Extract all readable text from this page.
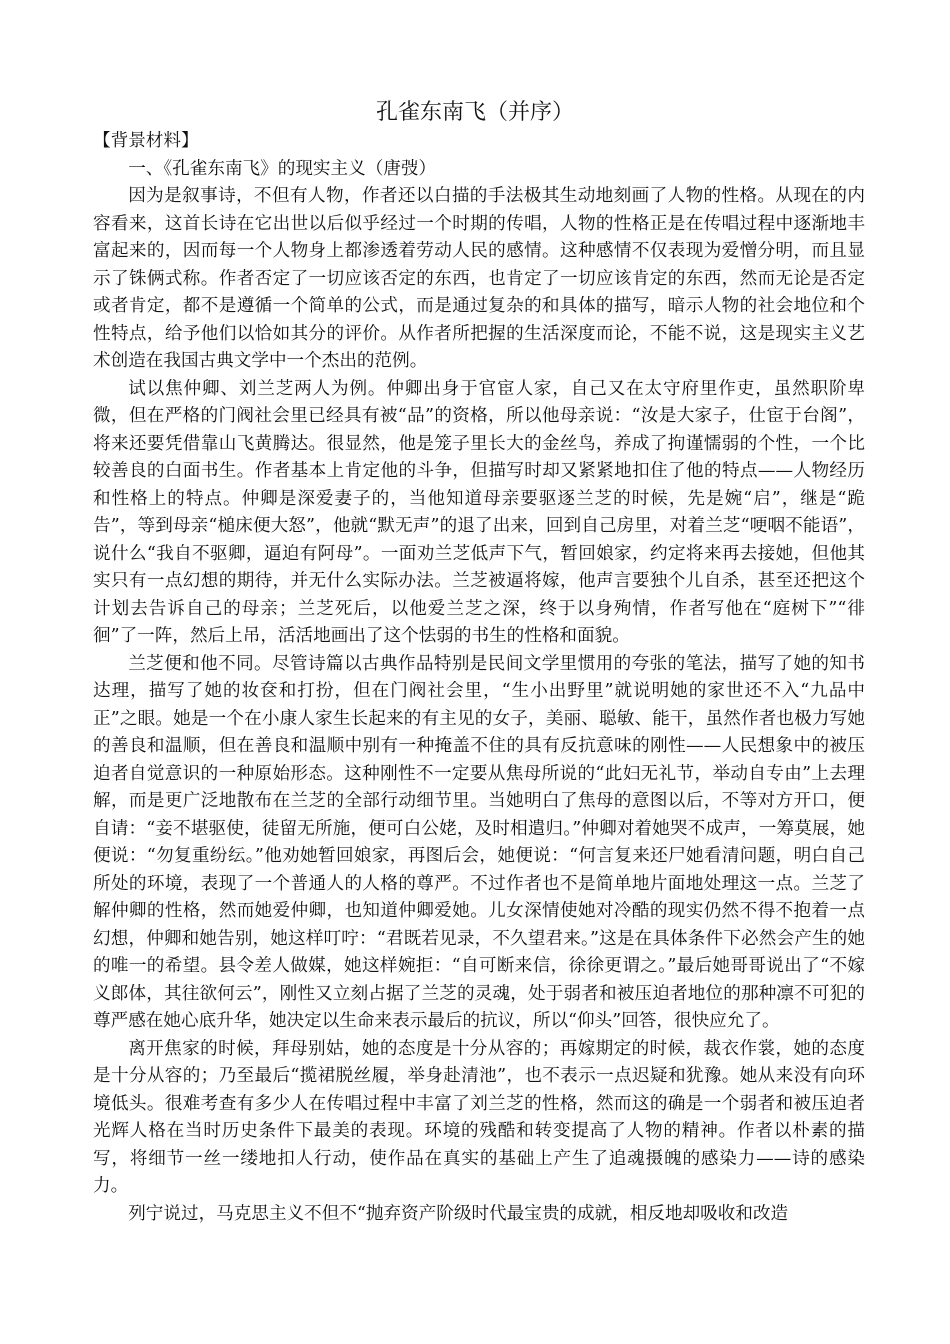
孔雀东南飞（并序）

【背景材料】

一、《孔雀东南飞》的现实主义（唐弢）

因为是叙事诗，不但有人物，作者还以白描的手法极其生动地刻画了人物的性格。从现在的内容看来，这首长诗在它出世以后似乎经过一个时期的传唱，人物的性格正是在传唱过程中逐渐地丰富起来的，因而每一个人物身上都渗透着劳动人民的感情。这种感情不仅表现为爱憎分明，而且显示了铢俩式称。作者否定了一切应该否定的东西，也肯定了一切应该肯定的东西，然而无论是否定或者肯定，都不是遵循一个简单的公式，而是通过复杂的和具体的描写，暗示人物的社会地位和个性特点，给予他们以恰如其分的评价。从作者所把握的生活深度而论，不能不说，这是现实主义艺术创造在我国古典文学中一个杰出的范例。

试以焦仲卿、刘兰芝两人为例。仲卿出身于官宦人家，自己又在太守府里作吏，虽然职阶卑微，但在严格的门阀社会里已经具有被“品”的资格，所以他母亲说：“汝是大家子，仕宦于台阁”，将来还要凭借靠山飞黄腾达。很显然，他是笼子里长大的金丝鸟，养成了拘谨懦弱的个性，一个比较善良的白面书生。作者基本上肯定他的斗争，但描写时却又紧紧地扣住了他的特点——人物经历和性格上的特点。仲卿是深爱妻子的，当他知道母亲要驱逐兰芝的时候，先是婉“启”，继是“跪告”，等到母亲“槌床便大怒”，他就“默无声”的退了出来，回到自己房里，对着兰芝“哽咽不能语”，说什么“我自不驱卿，逼迫有阿母”。一面劝兰芝低声下气，暂回娘家，约定将来再去接她，但他其实只有一点幻想的期待，并无什么实际办法。兰芝被逼将嫁，他声言要独个儿自杀，甚至还把这个计划去告诉自己的母亲；兰芝死后，以他爱兰芝之深，终于以身殉情，作者写他在“庭树下”“徘徊”了一阵，然后上吊，活活地画出了这个怯弱的书生的性格和面貌。

兰芝便和他不同。尽管诗篇以古典作品特别是民间文学里惯用的夸张的笔法，描写了她的知书达理，描写了她的妆奁和打扮，但在门阀社会里，“生小出野里”就说明她的家世还不入“九品中正”之眼。她是一个在小康人家生长起来的有主见的女子，美丽、聪敏、能干，虽然作者也极力写她的善良和温顺，但在善良和温顺中别有一种掩盖不住的具有反抗意味的刚性——人民想象中的被压迫者自觉意识的一种原始形态。这种刚性不一定要从焦母所说的“此妇无礼节，举动自专由”上去理解，而是更广泛地散布在兰芝的全部行动细节里。当她明白了焦母的意图以后，不等对方开口，便自请：“妾不堪驱使，徒留无所施，便可白公姥，及时相遣归。”仲卿对着她哭不成声，一筹莫展，她便说：“勿复重纷纭。”他劝她暂回娘家，再图后会，她便说：“何言复来还尸她看清问题，明白自己所处的环境，表现了一个普通人的人格的尊严。不过作者也不是简单地片面地处理这一点。兰芝了解仲卿的性格，然而她爱仲卿，也知道仲卿爱她。儿女深情使她对冷酷的现实仍然不得不抱着一点幻想，仲卿和她告别，她这样叮咛：“君既若见录，不久望君来。”这是在具体条件下必然会产生的她的唯一的希望。县令差人做媒，她这样婉拒：“自可断来信，徐徐更谓之。”最后她哥哥说出了“不嫁义郎体，其往欲何云”，刚性又立刻占据了兰芝的灵魂，处于弱者和被压迫者地位的那种凛不可犯的尊严感在她心底升华，她决定以生命来表示最后的抗议，所以“仰头”回答，很快应允了。

离开焦家的时候，拜母别姑，她的态度是十分从容的；再嫁期定的时候，裁衣作裳，她的态度是十分从容的；乃至最后“揽裙脱丝履，举身赴清池”，也不表示一点迟疑和犹豫。她从来没有向环境低头。很难考查有多少人在传唱过程中丰富了刘兰芝的性格，然而这的确是一个弱者和被压迫者光辉人格在当时历史条件下最美的表现。环境的残酷和转变提高了人物的精神。作者以朴素的描写，将细节一丝一缕地扣人行动，使作品在真实的基础上产生了追魂摄魄的感染力——诗的感染力。

列宁说过，马克思主义不但不“抛弃资产阶级时代最宝贵的成就，相反地却吸收和改造
